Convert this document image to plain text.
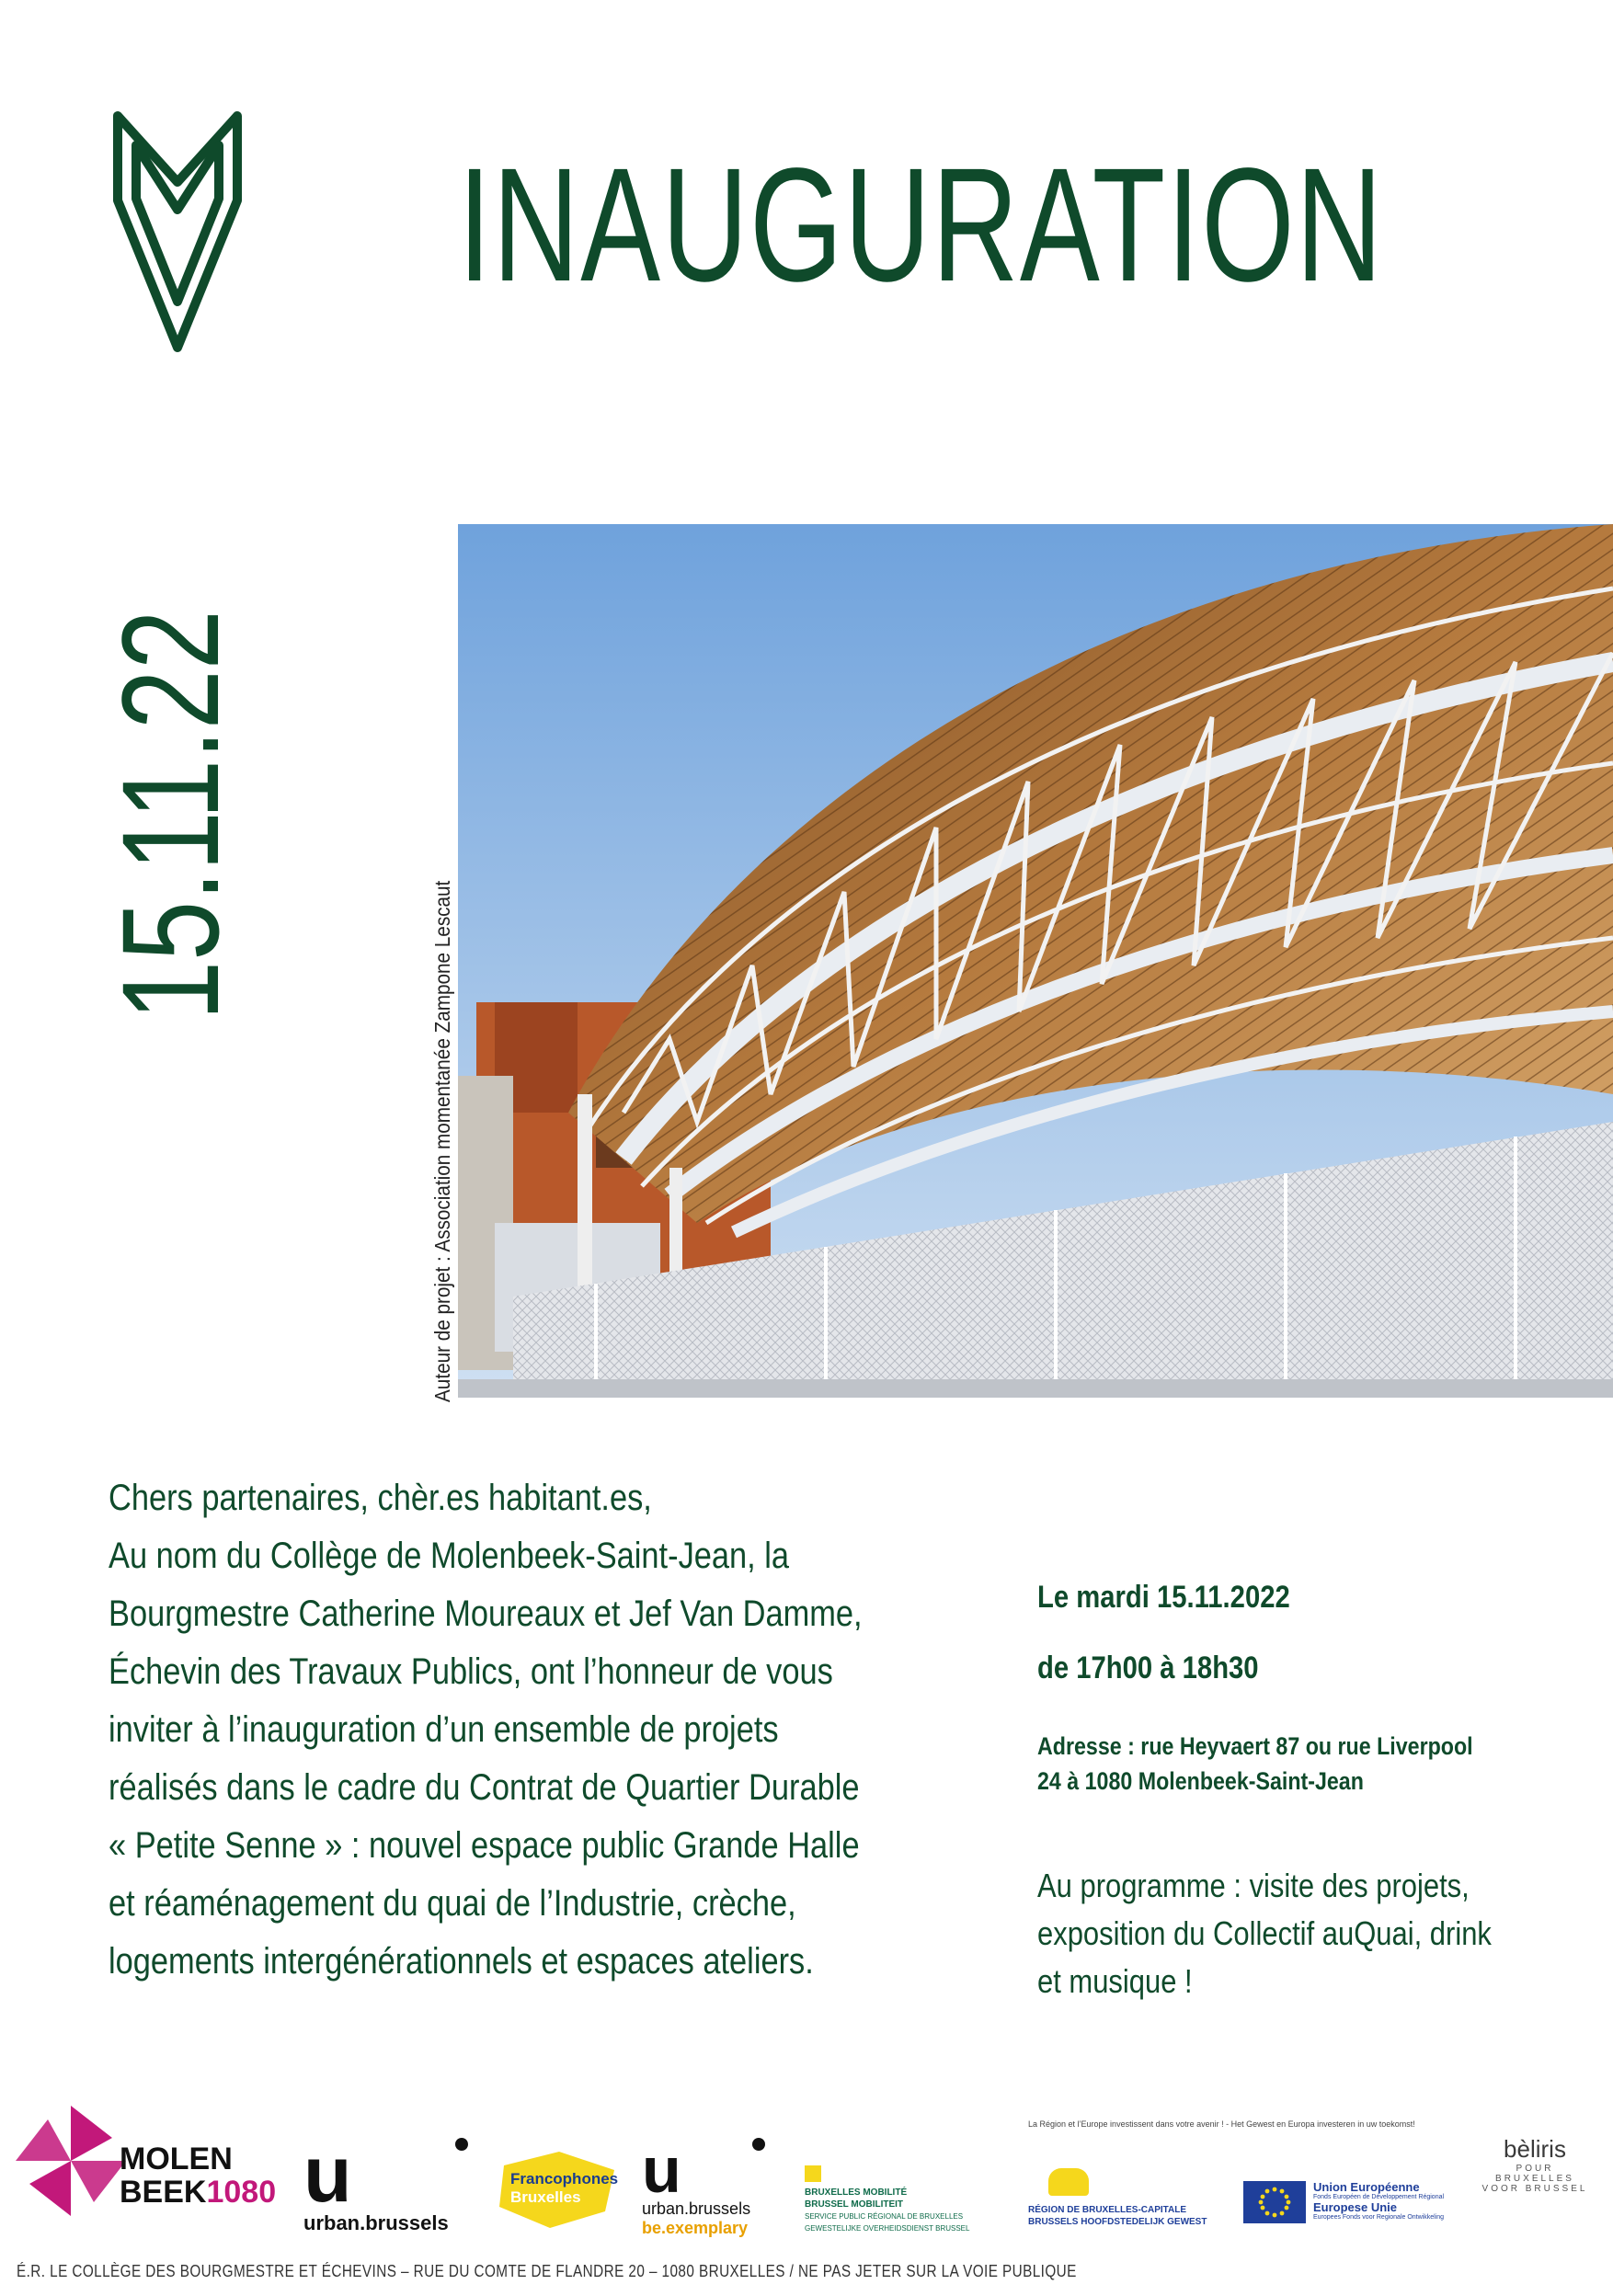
INAUGURATION
15.11.22
Auteur de projet : Association momentanée Zampone Lescaut
Chers partenaires, chèr.es habitant.es,
Au nom du Collège de Molenbeek-Saint-Jean, la
Bourgmestre Catherine Moureaux et Jef Van Damme,
Échevin des Travaux Publics, ont l’honneur de vous
inviter à l’inauguration d’un ensemble de projets
réalisés dans le cadre du Contrat de Quartier Durable
« Petite Senne » : nouvel espace public Grande Halle
et réaménagement du quai de l’Industrie, crèche,
logements intergénérationnels et espaces ateliers.
Le mardi 15.11.2022
de 17h00 à 18h30
Adresse : rue Heyvaert 87 ou rue Liverpool
24 à 1080 Molenbeek-Saint-Jean
Au programme : visite des projets,
exposition du Collectif auQuai, drink
et musique !
MOLEN
BEEK1080 u
urban.brussels
Francophones
Bruxelles u
urban.brussels
be.exemplary
BRUXELLES MOBILITÉ
BRUSSEL MOBILITEIT
SERVICE PUBLIC RÉGIONAL DE BRUXELLES
GEWESTELIJKE OVERHEIDSDIENST BRUSSEL
La Région et l’Europe investissent dans votre avenir ! - Het Gewest en Europa investeren in uw toekomst!
RÉGION DE BRUXELLES-CAPITALE
BRUSSELS HOOFDSTEDELIJK GEWEST
Union Européenne
Fonds Européen de Développement Régional
Europese Unie
Europees Fonds voor Regionale Ontwikkeling
bèliris
POUR BRUXELLES
VOOR BRUSSEL
É.R. LE COLLÈGE DES BOURGMESTRE ET ÉCHEVINS – RUE DU COMTE DE FLANDRE 20 – 1080 BRUXELLES / NE PAS JETER SUR LA VOIE PUBLIQUE
